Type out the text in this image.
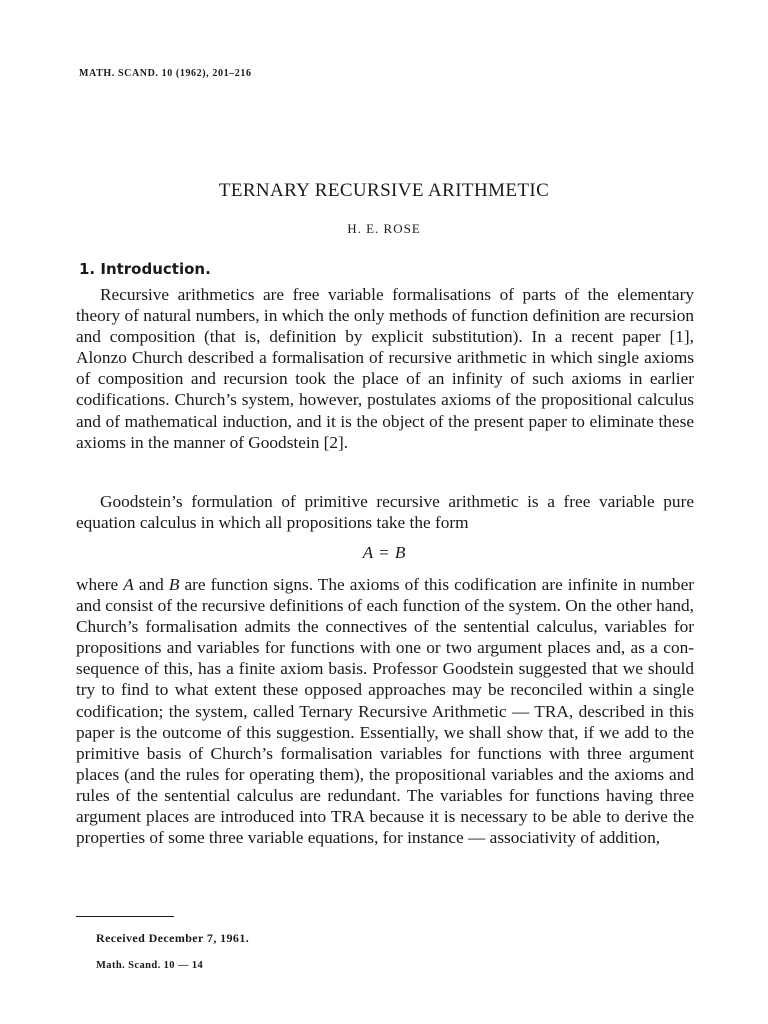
MATH. SCAND. 10 (1962), 201–216
TERNARY RECURSIVE ARITHMETIC
H. E. ROSE
1. Introduction.

Recursive arithmetics are free variable formalisations of parts of the elementary theory of natural numbers, in which the only methods of function definition are recursion and composition (that is, definition by explicit substitution). In a recent paper [1], Alonzo Church described a formalisation of recursive arithmetic in which single axioms of composition and recursion took the place of an infinity of such axioms in earlier codifications. Church’s system, however, postulates axioms of the propositional calculus and of mathematical induction, and it is the object of the present paper to eliminate these axioms in the manner of Goodstein [2].

Goodstein’s formulation of primitive recursive arithmetic is a free variable pure equation calculus in which all propositions take the form

A = B

where A and B are function signs. The axioms of this codification are infinite in number and consist of the recursive definitions of each function of the system. On the other hand, Church’s formalisation admits the connectives of the sentential calculus, variables for propositions and variables for functions with one or two argument places and, as a consequence of this, has a finite axiom basis. Professor Goodstein suggested that we should try to find to what extent these opposed approaches may be reconciled within a single codification; the system, called Ternary Recursive Arithmetic — TRA, described in this paper is the outcome of this suggestion. Essentially, we shall show that, if we add to the primitive basis of Church’s formalisation variables for functions with three argument places (and the rules for operating them), the propositional variables and the axioms and rules of the sentential calculus are redundant. The variables for functions having three argument places are introduced into TRA because it is necessary to be able to derive the properties of some three variable equations, for instance — associativity of addition,

Received December 7, 1961.
Math. Scand. 10 — 14
